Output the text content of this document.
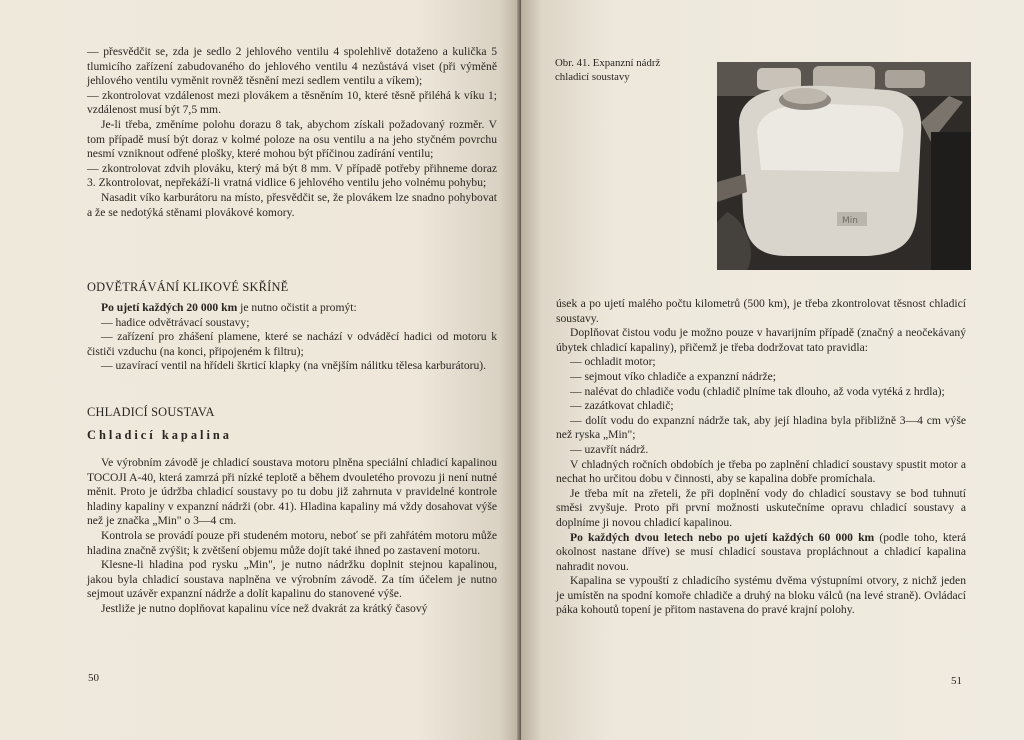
— přesvědčit se, zda je sedlo 2 jehlového ventilu 4 spolehlivě dotaženo a kulička 5 tlumicího zařízení zabudovaného do jehlového ventilu 4 nezůstává viset (při výměně jehlového ventilu vyměnit rovněž těsnění mezi sedlem ventilu a víkem);

— zkontrolovat vzdálenost mezi plovákem a těsněním 10, které těsně přiléhá k víku 1; vzdálenost musí být 7,5 mm.

Je-li třeba, změníme polohu dorazu 8 tak, abychom získali požadovaný rozměr. V tom případě musí být doraz v kolmé poloze na osu ventilu a na jeho styčném povrchu nesmí vzniknout odřené plošky, které mohou být příčinou zadírání ventilu;

— zkontrolovat zdvih plováku, který má být 8 mm. V případě potřeby přihneme doraz 3. Zkontrolovat, nepřekáží-li vratná vidlice 6 jehlového ventilu jeho volnému pohybu;

Nasadit víko karburátoru na místo, přesvědčit se, že plovákem lze snadno pohybovat a že se nedotýká stěnami plovákové komory.

ODVĚTRÁVÁNÍ KLIKOVÉ SKŘÍNĚ

Po ujetí každých 20 000 km je nutno očistit a promýt:

— hadice odvětrávací soustavy;

— zařízení pro zhášení plamene, které se nachází v odváděcí hadici od motoru k čističi vzduchu (na konci, připojeném k filtru);

— uzavírací ventil na hřídeli škrticí klapky (na vnějším nálitku tělesa karburátoru).

CHLADICÍ SOUSTAVA
Chladicí kapalina

Ve výrobním závodě je chladicí soustava motoru plněna speciální chladicí kapalinou TOCOJI A-40, která zamrzá při nízké teplotě a během dvouletého provozu ji není nutné měnit. Proto je údržba chladicí soustavy po tu dobu již zahrnuta v pravidelné kontrole hladiny kapaliny v expanzní nádrži (obr. 41). Hladina kapaliny má vždy dosahovat výše než je značka „Min" o 3—4 cm.

Kontrola se provádí pouze při studeném motoru, neboť se při zahřátém motoru může hladina značně zvýšit; k zvětšení objemu může dojít také ihned po zastavení motoru.

Klesne-li hladina pod rysku „Min", je nutno nádržku doplnit stejnou kapalinou, jakou byla chladicí soustava naplněna ve výrobním závodě. Za tím účelem je nutno sejmout uzávěr expanzní nádrže a dolít kapalinu do stanovené výše.

Jestliže je nutno doplňovat kapalinu více než dvakrát za krátký časový

50
Obr. 41. Expanzní nádrž chladicí soustavy
Min

úsek a po ujetí malého počtu kilometrů (500 km), je třeba zkontrolovat těsnost chladicí soustavy.

Doplňovat čistou vodu je možno pouze v havarijním případě (značný a neočekávaný úbytek chladicí kapaliny), přičemž je třeba dodržovat tato pravidla:

— ochladit motor;

— sejmout víko chladiče a expanzní nádrže;

— nalévat do chladiče vodu (chladič plníme tak dlouho, až voda vytéká z hrdla);

— zazátkovat chladič;

— dolít vodu do expanzní nádrže tak, aby její hladina byla přibližně 3—4 cm výše než ryska „Min";

— uzavřít nádrž.

V chladných ročních obdobích je třeba po zaplnění chladicí soustavy spustit motor a nechat ho určitou dobu v činnosti, aby se kapalina dobře promíchala.

Je třeba mít na zřeteli, že při doplnění vody do chladicí soustavy se bod tuhnutí směsi zvyšuje. Proto při první možnosti uskutečníme opravu chladicí soustavy a doplníme ji novou chladicí kapalinou.

Po každých dvou letech nebo po ujetí každých 60 000 km (podle toho, která okolnost nastane dříve) se musí chladicí soustava propláchnout a chladicí kapalina nahradit novou.

Kapalina se vypouští z chladicího systému dvěma výstupními otvory, z nichž jeden je umístěn na spodní komoře chladiče a druhý na bloku válců (na levé straně). Ovládací páka kohoutů topení je přitom nastavena do pravé krajní polohy.

51
